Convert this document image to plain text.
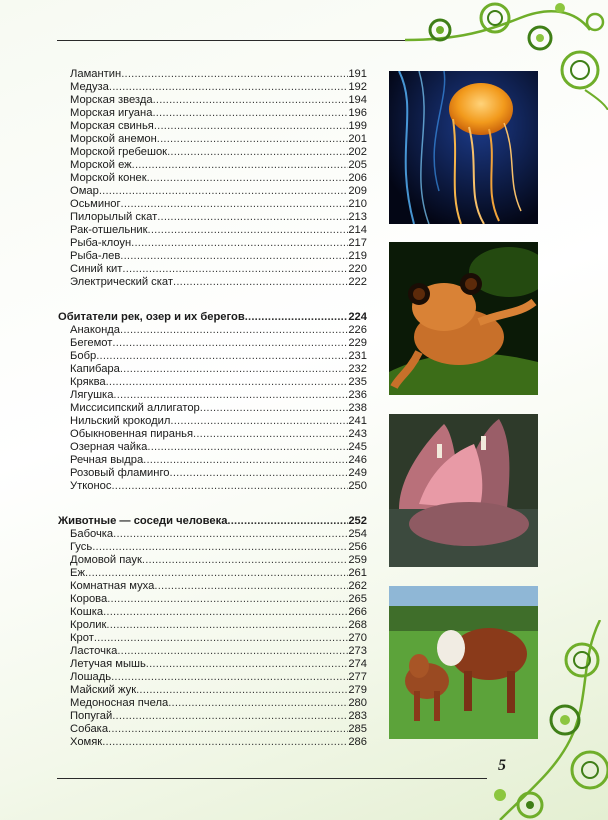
Ламантин .....	191
Медуза .....	192
Морская звезда .....	194
Морская игуана .....	196
Морская свинья .....	199
Морской анемон .....	201
Морской гребешок .....	202
Морской еж .....	205
Морской конек .....	206
Омар .....	209
Осьминог .....	210
Пилорылый скат .....	213
Рак-отшельник .....	214
Рыба-клоун .....	217
Рыба-лев .....	219
Синий кит .....	220
Электрический скат .....	222
Обитатели рек, озер и их берегов .....	224
Анаконда .....	226
Бегемот .....	229
Бобр .....	231
Капибара .....	232
Кряква .....	235
Лягушка .....	236
Миссисипский аллигатор .....	238
Нильский крокодил .....	241
Обыкновенная пиранья .....	243
Озерная чайка .....	245
Речная выдра .....	246
Розовый фламинго .....	249
Утконос .....	250
Животные — соседи человека .....	252
Бабочка .....	254
Гусь .....	256
Домовой паук .....	259
Еж .....	261
Комнатная муха .....	262
Корова .....	265
Кошка .....	266
Кролик .....	268
Крот .....	270
Ласточка .....	273
Летучая мышь .....	274
Лошадь .....	277
Майский жук .....	279
Медоносная пчела .....	280
Попугай .....	283
Собака .....	285
Хомяк .....	286
5
